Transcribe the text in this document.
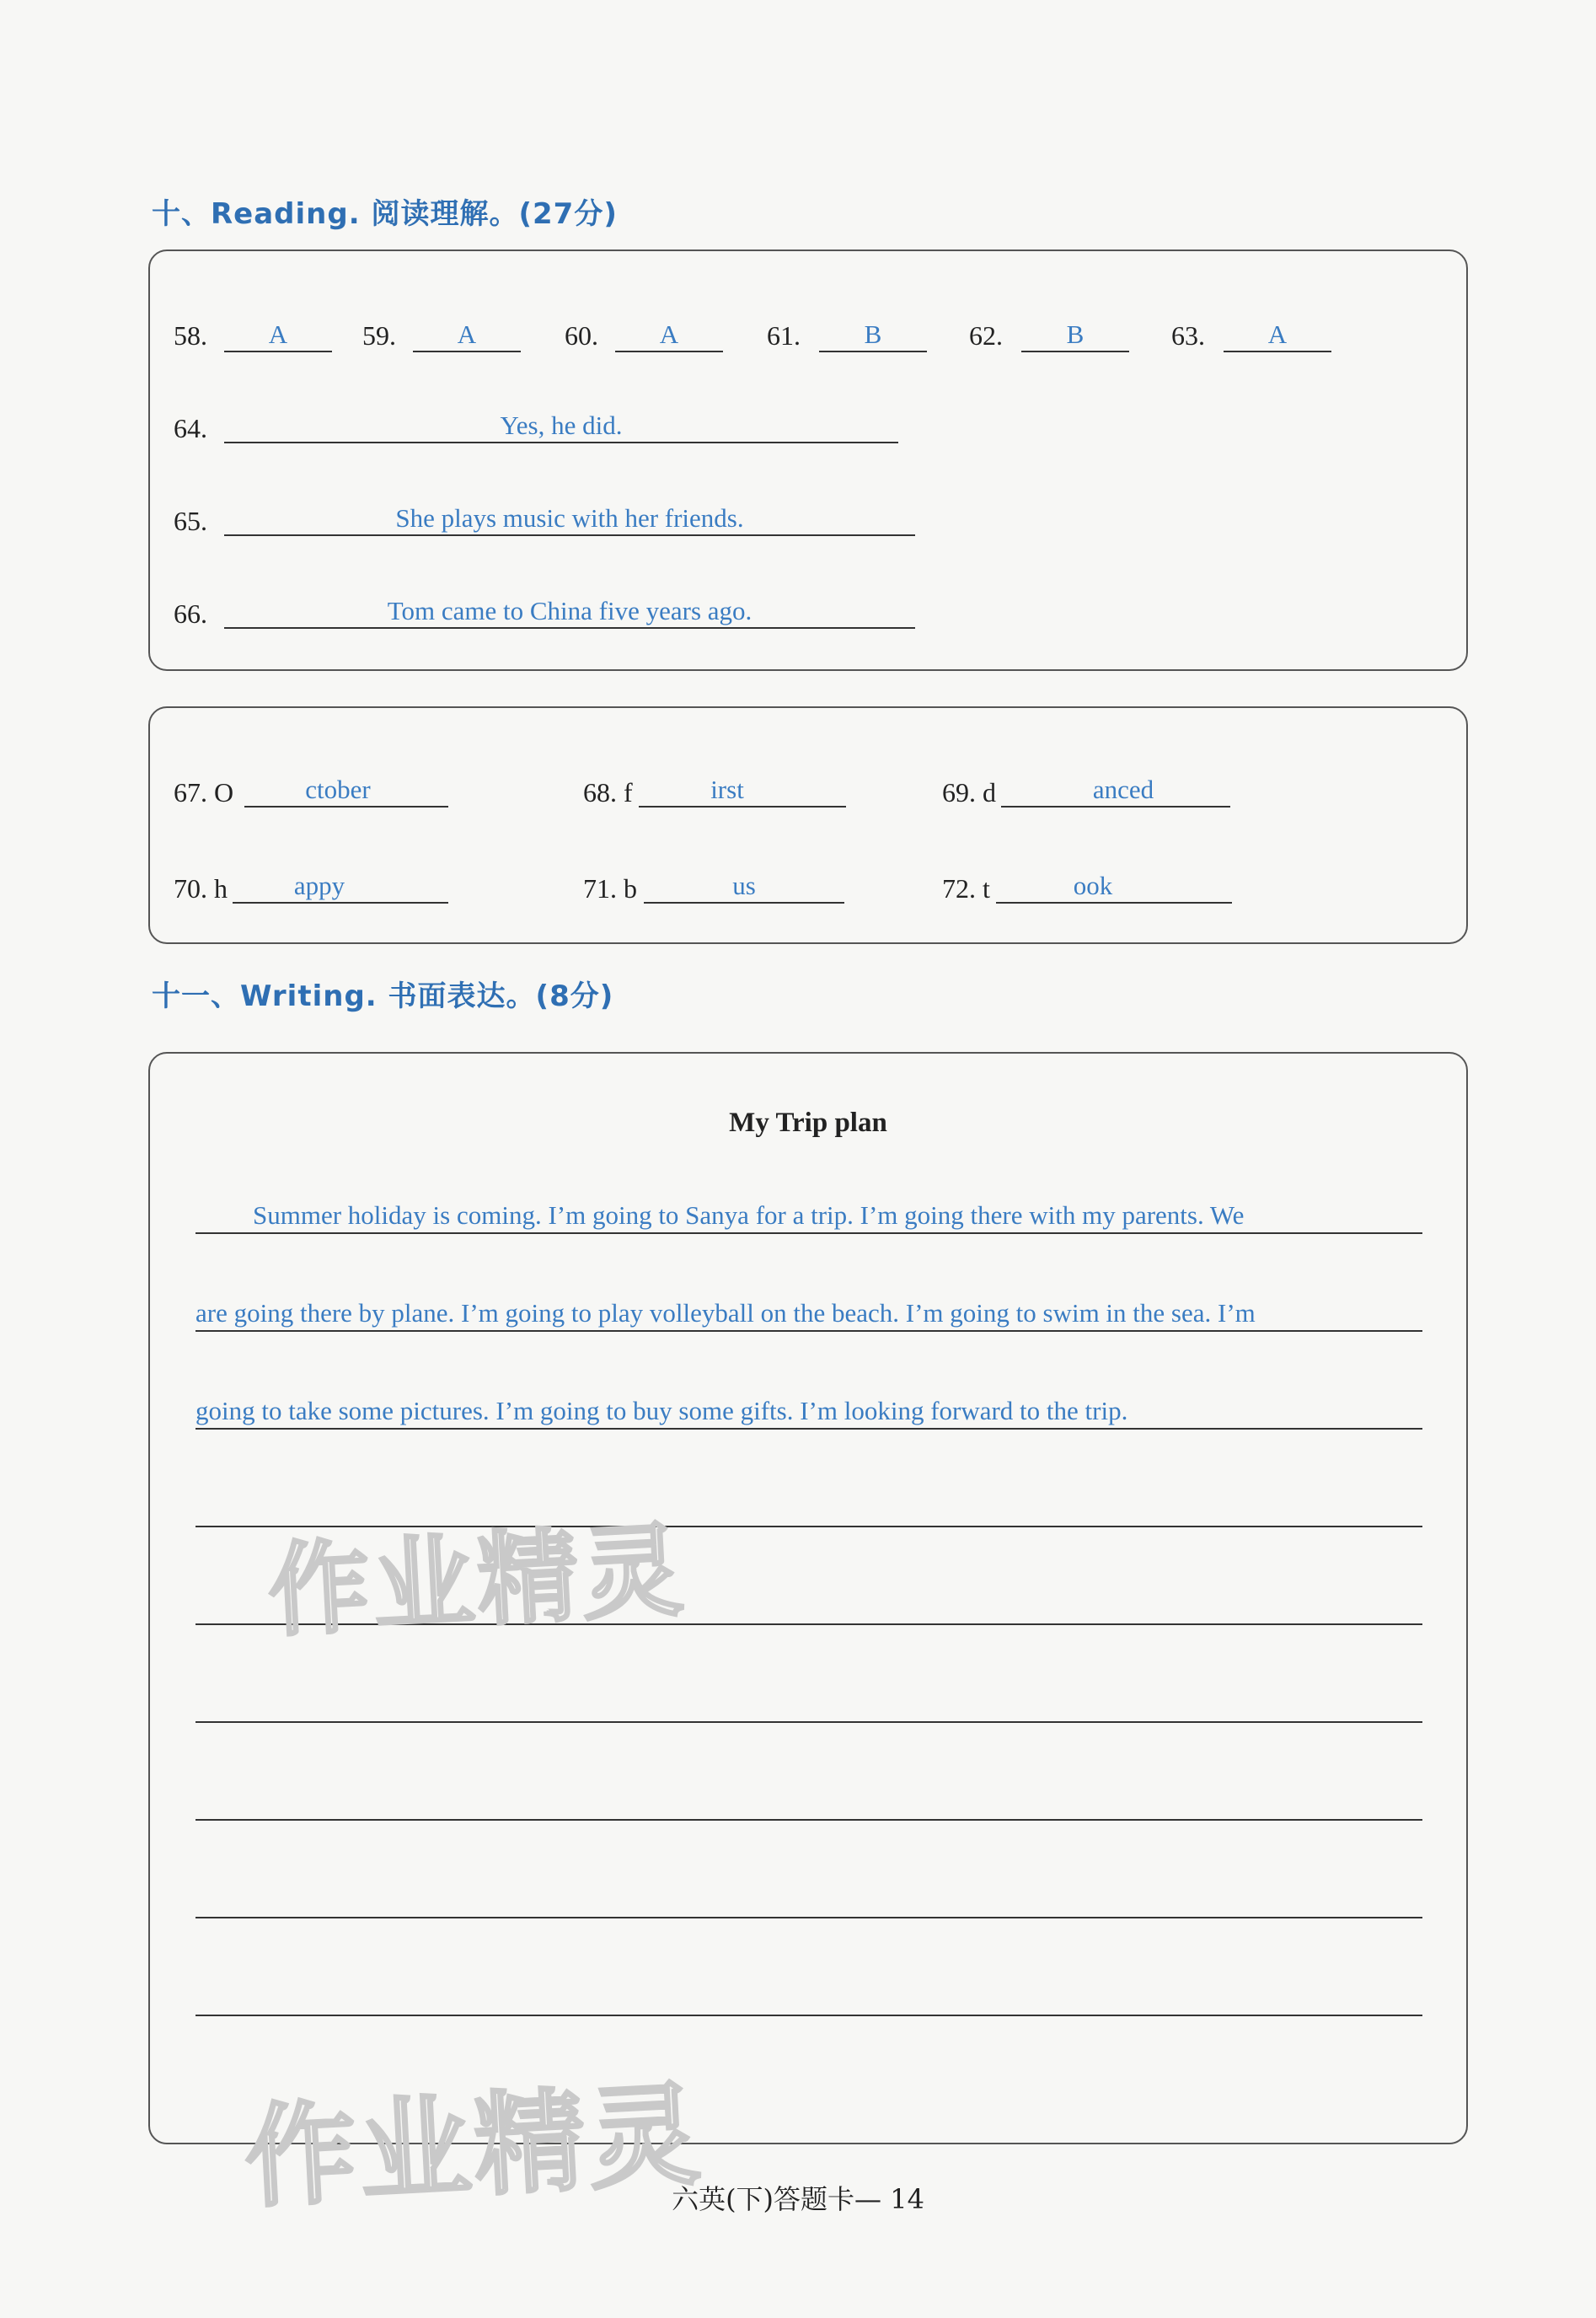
十、Reading. 阅读理解。(27分)
58.	A	59.	A	60.	A	61.	B	62.	B	63.	A
64.	Yes, he did.
65.	She plays music with her friends.
66.	Tom came to China five years ago.
67. O	ctober	68. f	irst	69. d	anced
70. h	appy	71. b	us	72. t	ook
十一、Writing. 书面表达。(8分)
My Trip plan
Summer holiday is coming. I’m going to Sanya for a trip. I’m going there with my parents. We
are going there by plane. I’m going to play volleyball on the beach. I’m going to swim in the sea. I’m
going to take some pictures. I’m going to buy some gifts. I’m looking forward to the trip.
作业精灵
作业精灵
六英(下)答题卡— 14
